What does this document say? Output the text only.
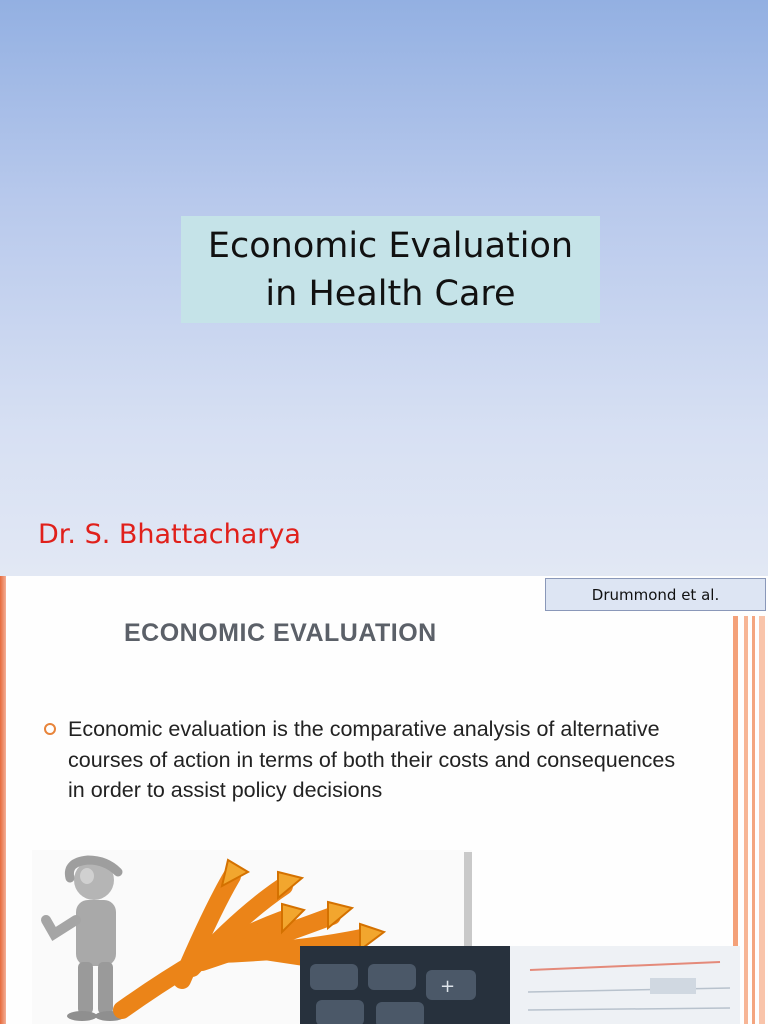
Economic Evaluation
in Health Care
Dr. S. Bhattacharya
ECONOMIC EVALUATION
Economic evaluation is the comparative analysis of alternative courses of action in terms of both their costs and consequences in order to assist policy decisions
+
Drummond et al.
